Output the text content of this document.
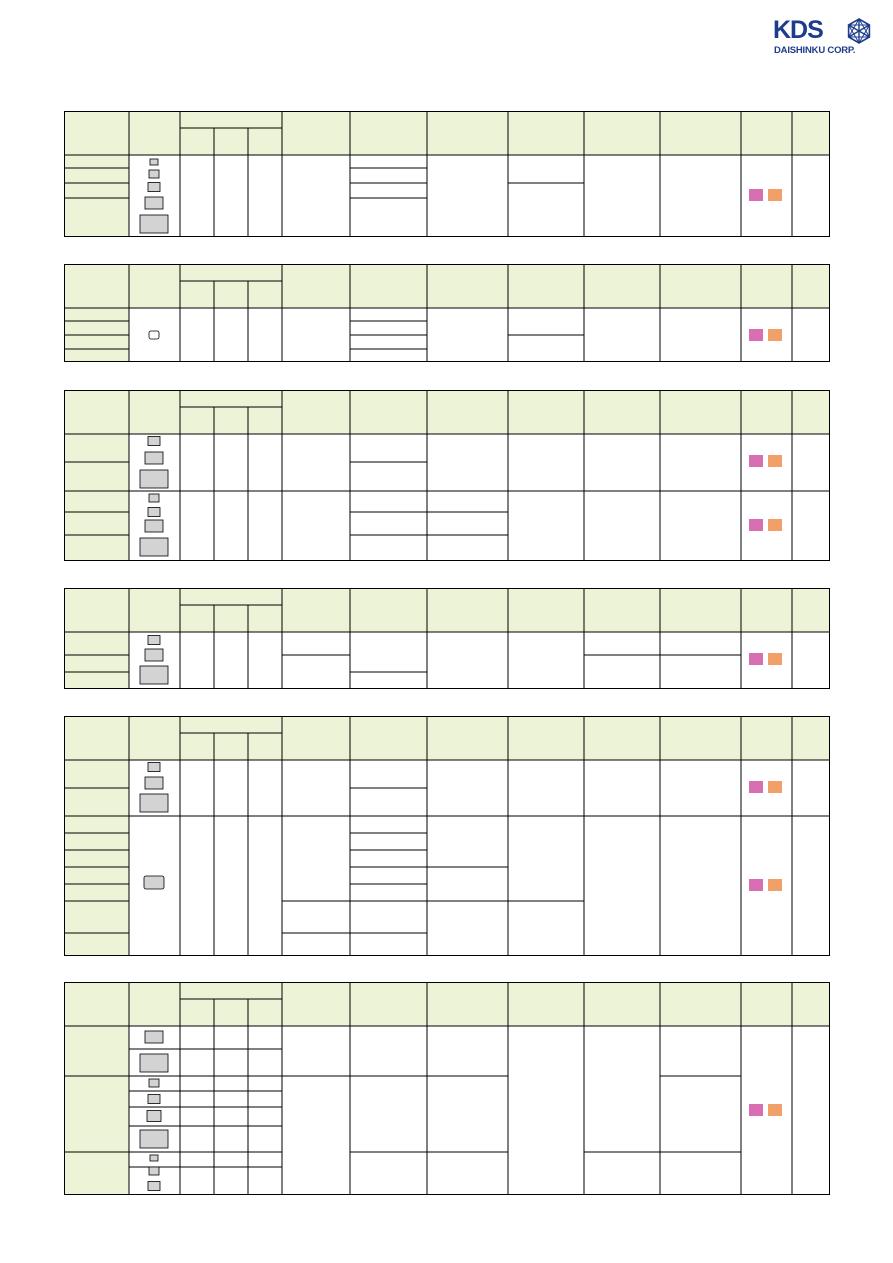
KDS
DAISHINKU CORP.
